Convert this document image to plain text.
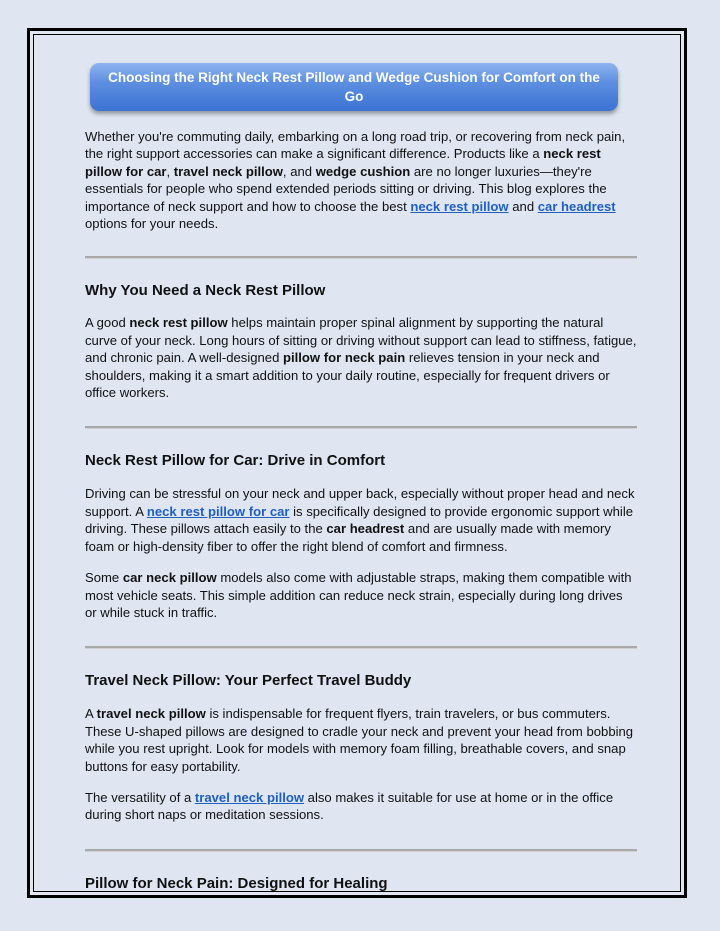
Choosing the Right Neck Rest Pillow and Wedge Cushion for Comfort on the Go

Whether you're commuting daily, embarking on a long road trip, or recovering from neck pain, the right support accessories can make a significant difference. Products like a neck rest pillow for car, travel neck pillow, and wedge cushion are no longer luxuries—they're essentials for people who spend extended periods sitting or driving. This blog explores the importance of neck support and how to choose the best neck rest pillow and car headrest options for your needs.

Why You Need a Neck Rest Pillow

A good neck rest pillow helps maintain proper spinal alignment by supporting the natural curve of your neck. Long hours of sitting or driving without support can lead to stiffness, fatigue, and chronic pain. A well-designed pillow for neck pain relieves tension in your neck and shoulders, making it a smart addition to your daily routine, especially for frequent drivers or office workers.

Neck Rest Pillow for Car: Drive in Comfort

Driving can be stressful on your neck and upper back, especially without proper head and neck support. A neck rest pillow for car is specifically designed to provide ergonomic support while driving. These pillows attach easily to the car headrest and are usually made with memory foam or high-density fiber to offer the right blend of comfort and firmness.

Some car neck pillow models also come with adjustable straps, making them compatible with most vehicle seats. This simple addition can reduce neck strain, especially during long drives or while stuck in traffic.

Travel Neck Pillow: Your Perfect Travel Buddy

A travel neck pillow is indispensable for frequent flyers, train travelers, or bus commuters. These U-shaped pillows are designed to cradle your neck and prevent your head from bobbing while you rest upright. Look for models with memory foam filling, breathable covers, and snap buttons for easy portability.

The versatility of a travel neck pillow also makes it suitable for use at home or in the office during short naps or meditation sessions.

Pillow for Neck Pain: Designed for Healing
